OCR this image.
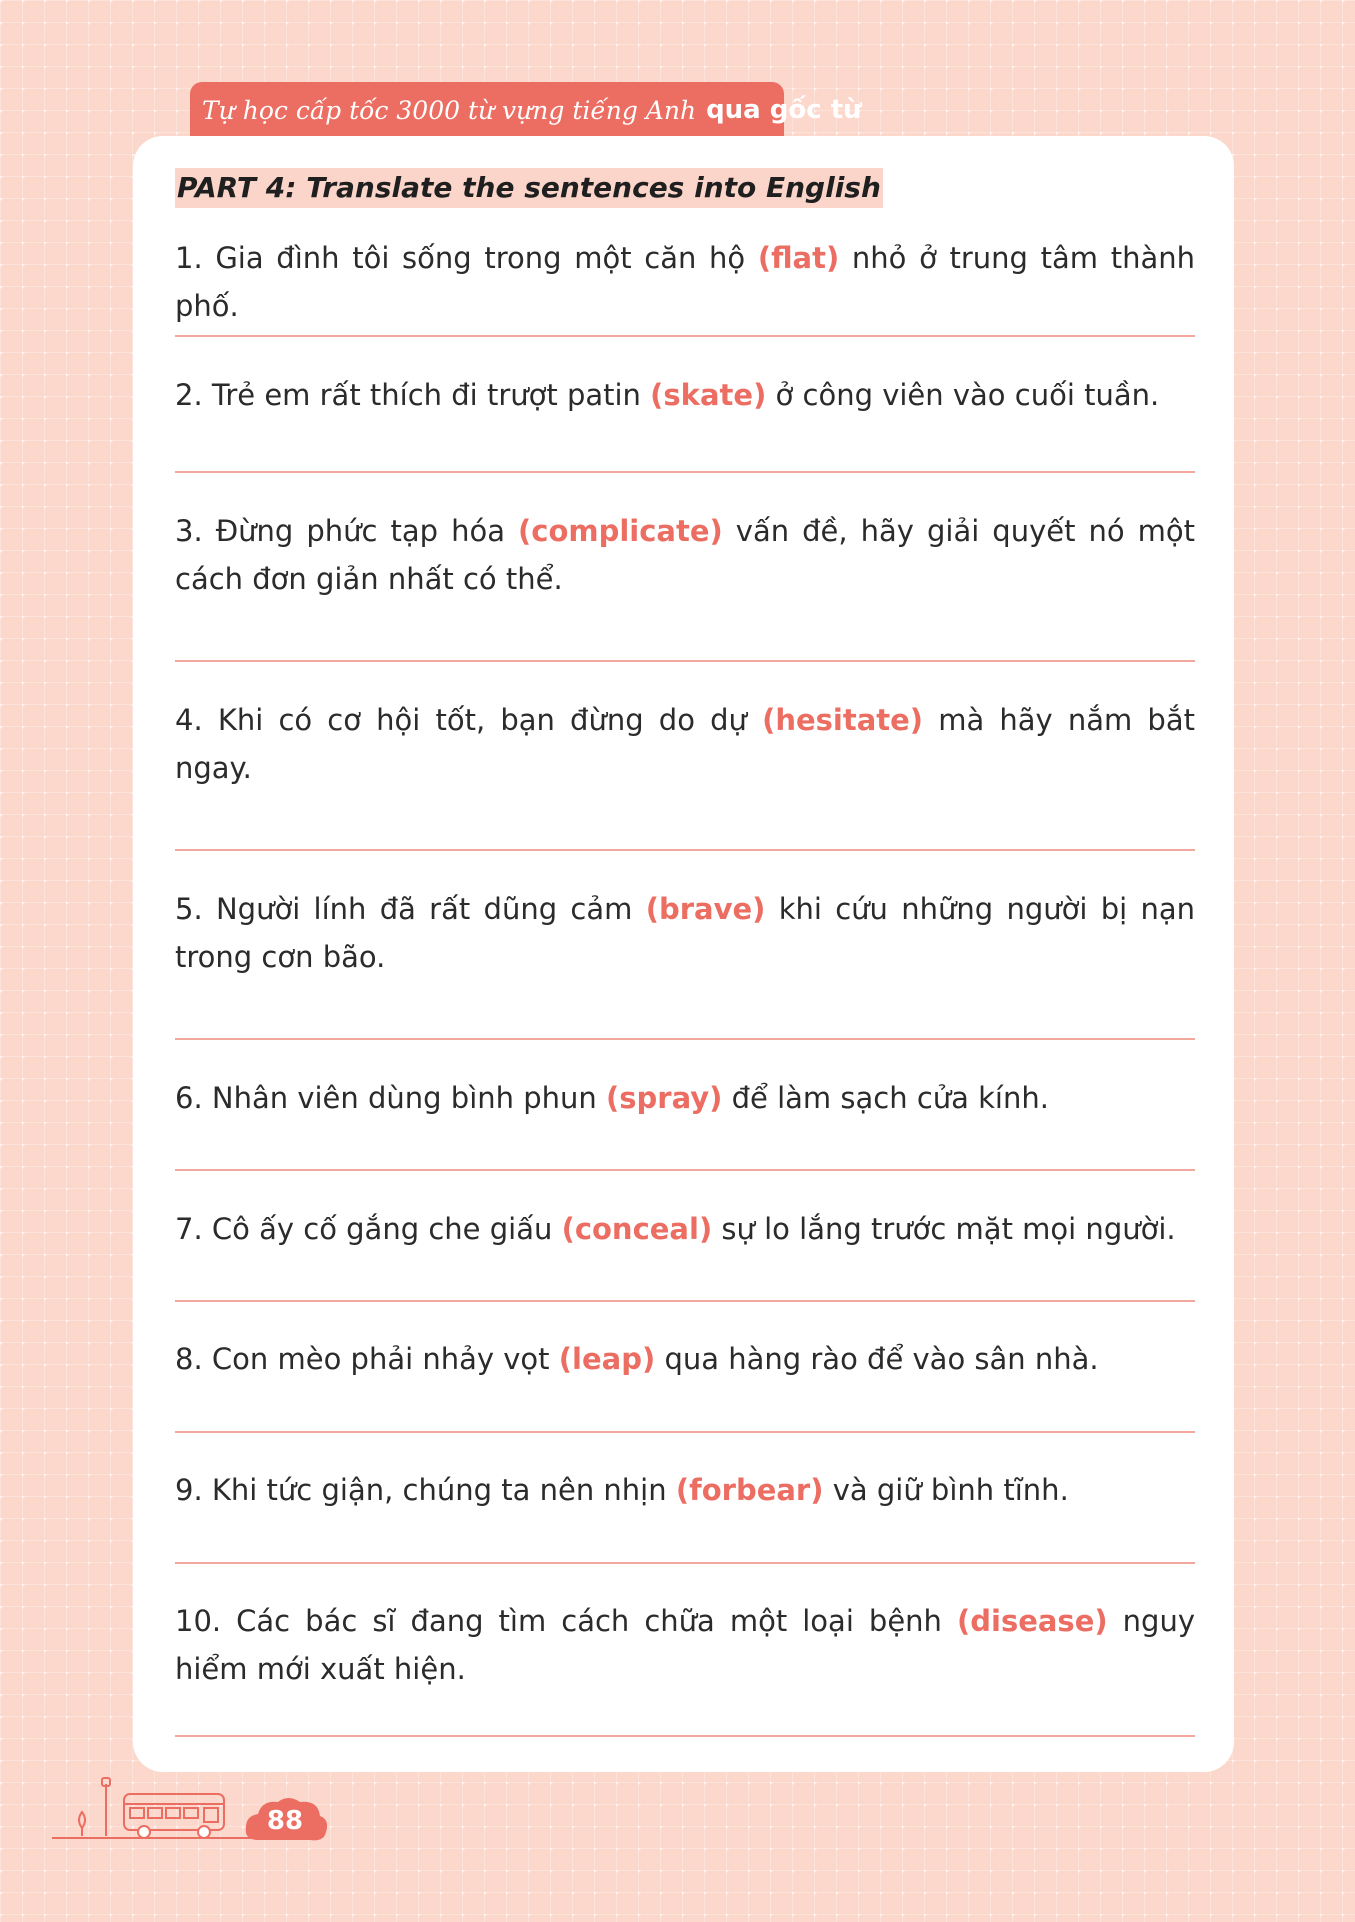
Tự học cấp tốc 3000 từ vựng tiếng Anh qua gốc từ
PART 4: Translate the sentences into English

1. Gia đình tôi sống trong một căn hộ (flat) nhỏ ở trung tâm thành phố.

2. Trẻ em rất thích đi trượt patin (skate) ở công viên vào cuối tuần.

3. Đừng phức tạp hóa (complicate) vấn đề, hãy giải quyết nó một cách đơn giản nhất có thể.

4. Khi có cơ hội tốt, bạn đừng do dự (hesitate) mà hãy nắm bắt ngay.

5. Người lính đã rất dũng cảm (brave) khi cứu những người bị nạn trong cơn bão.

6. Nhân viên dùng bình phun (spray) để làm sạch cửa kính.

7. Cô ấy cố gắng che giấu (conceal) sự lo lắng trước mặt mọi người.

8. Con mèo phải nhảy vọt (leap) qua hàng rào để vào sân nhà.

9. Khi tức giận, chúng ta nên nhịn (forbear) và giữ bình tĩnh.

10. Các bác sĩ đang tìm cách chữa một loại bệnh (disease) nguy hiểm mới xuất hiện.

88
